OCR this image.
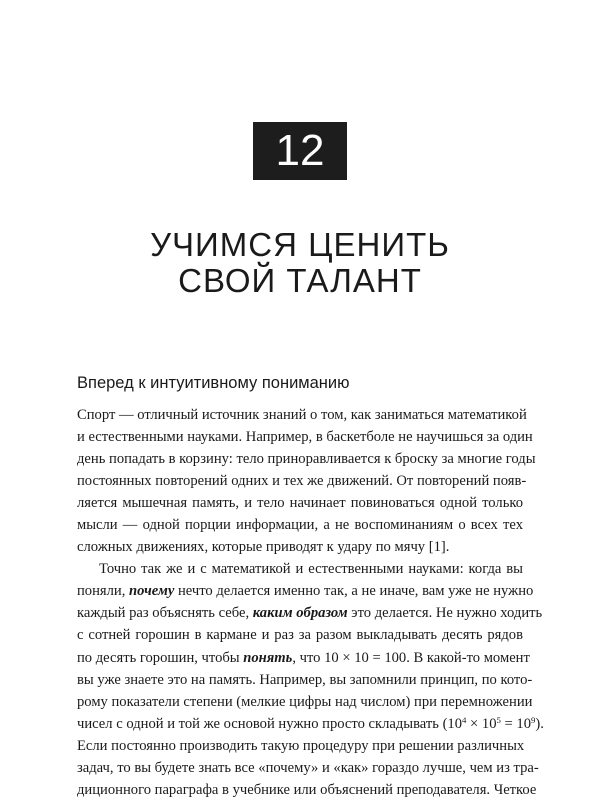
12
УЧИМСЯ ЦЕНИТЬ
СВОЙ ТАЛАНТ
Вперед к интуитивному пониманию
Спорт — отличный источник знаний о том, как заниматься математикой
и естественными науками. Например, в баскетболе не научишься за один
день попадать в корзину: тело приноравливается к броску за многие годы
постоянных повторений одних и тех же движений. От повторений появ-
ляется мышечная память, и тело начинает повиноваться одной только
мысли — одной порции информации, а не воспоминаниям о всех тех
сложных движениях, которые приводят к удару по мячу [1].
Точно так же и с математикой и естественными науками: когда вы
поняли, почему нечто делается именно так, а не иначе, вам уже не нужно
каждый раз объяснять себе, каким образом это делается. Не нужно ходить
с сотней горошин в кармане и раз за разом выкладывать десять рядов
по десять горошин, чтобы понять, что 10 × 10 = 100. В какой-то момент
вы уже знаете это на память. Например, вы запомнили принцип, по кото-
рому показатели степени (мелкие цифры над числом) при перемножении
чисел с одной и той же основой нужно просто складывать $(10^4 \times 10^5 = 10^9)$.
Если постоянно производить такую процедуру при решении различных
задач, то вы будете знать все «почему» и «как» гораздо лучше, чем из тра-
диционного параграфа в учебнике или объяснений преподавателя. Четкое
